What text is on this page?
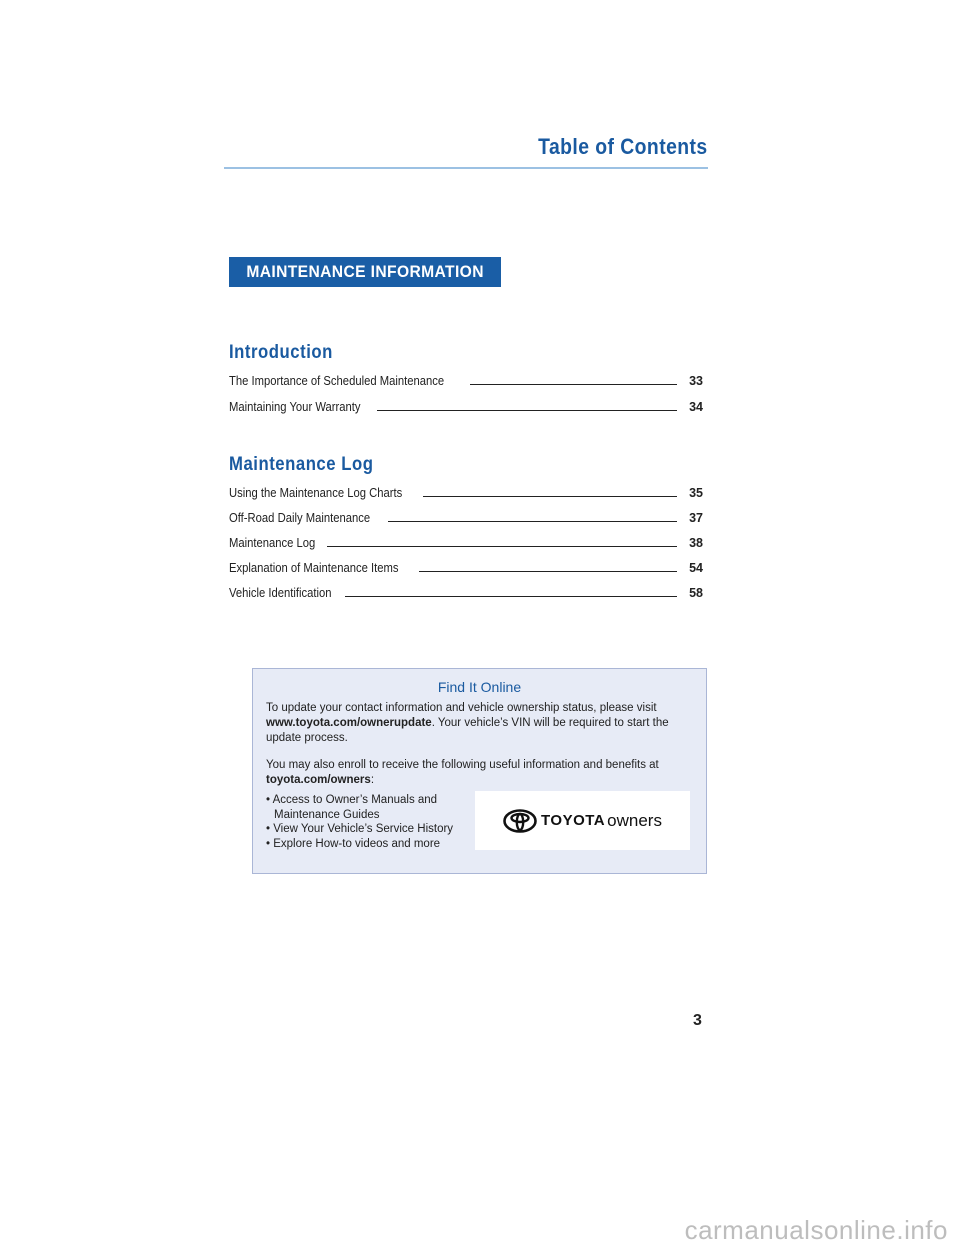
Table of Contents
MAINTENANCE INFORMATION
Introduction
The Importance of Scheduled Maintenance	33
Maintaining Your Warranty	34
Maintenance Log
Using the Maintenance Log Charts	35
Off-Road Daily Maintenance	37
Maintenance Log	38
Explanation of Maintenance Items	54
Vehicle Identification	58
Find It Online
To update your contact information and vehicle ownership status, please visit www.toyota.com/ownerupdate. Your vehicle’s VIN will be required to start the update process.
You may also enroll to receive the following useful information and benefits at toyota.com/owners:
• Access to Owner’s Manuals and
Maintenance Guides
• View Your Vehicle’s Service History
• Explore How-to videos and more
TOYOTA owners
3
carmanualsonline.info
